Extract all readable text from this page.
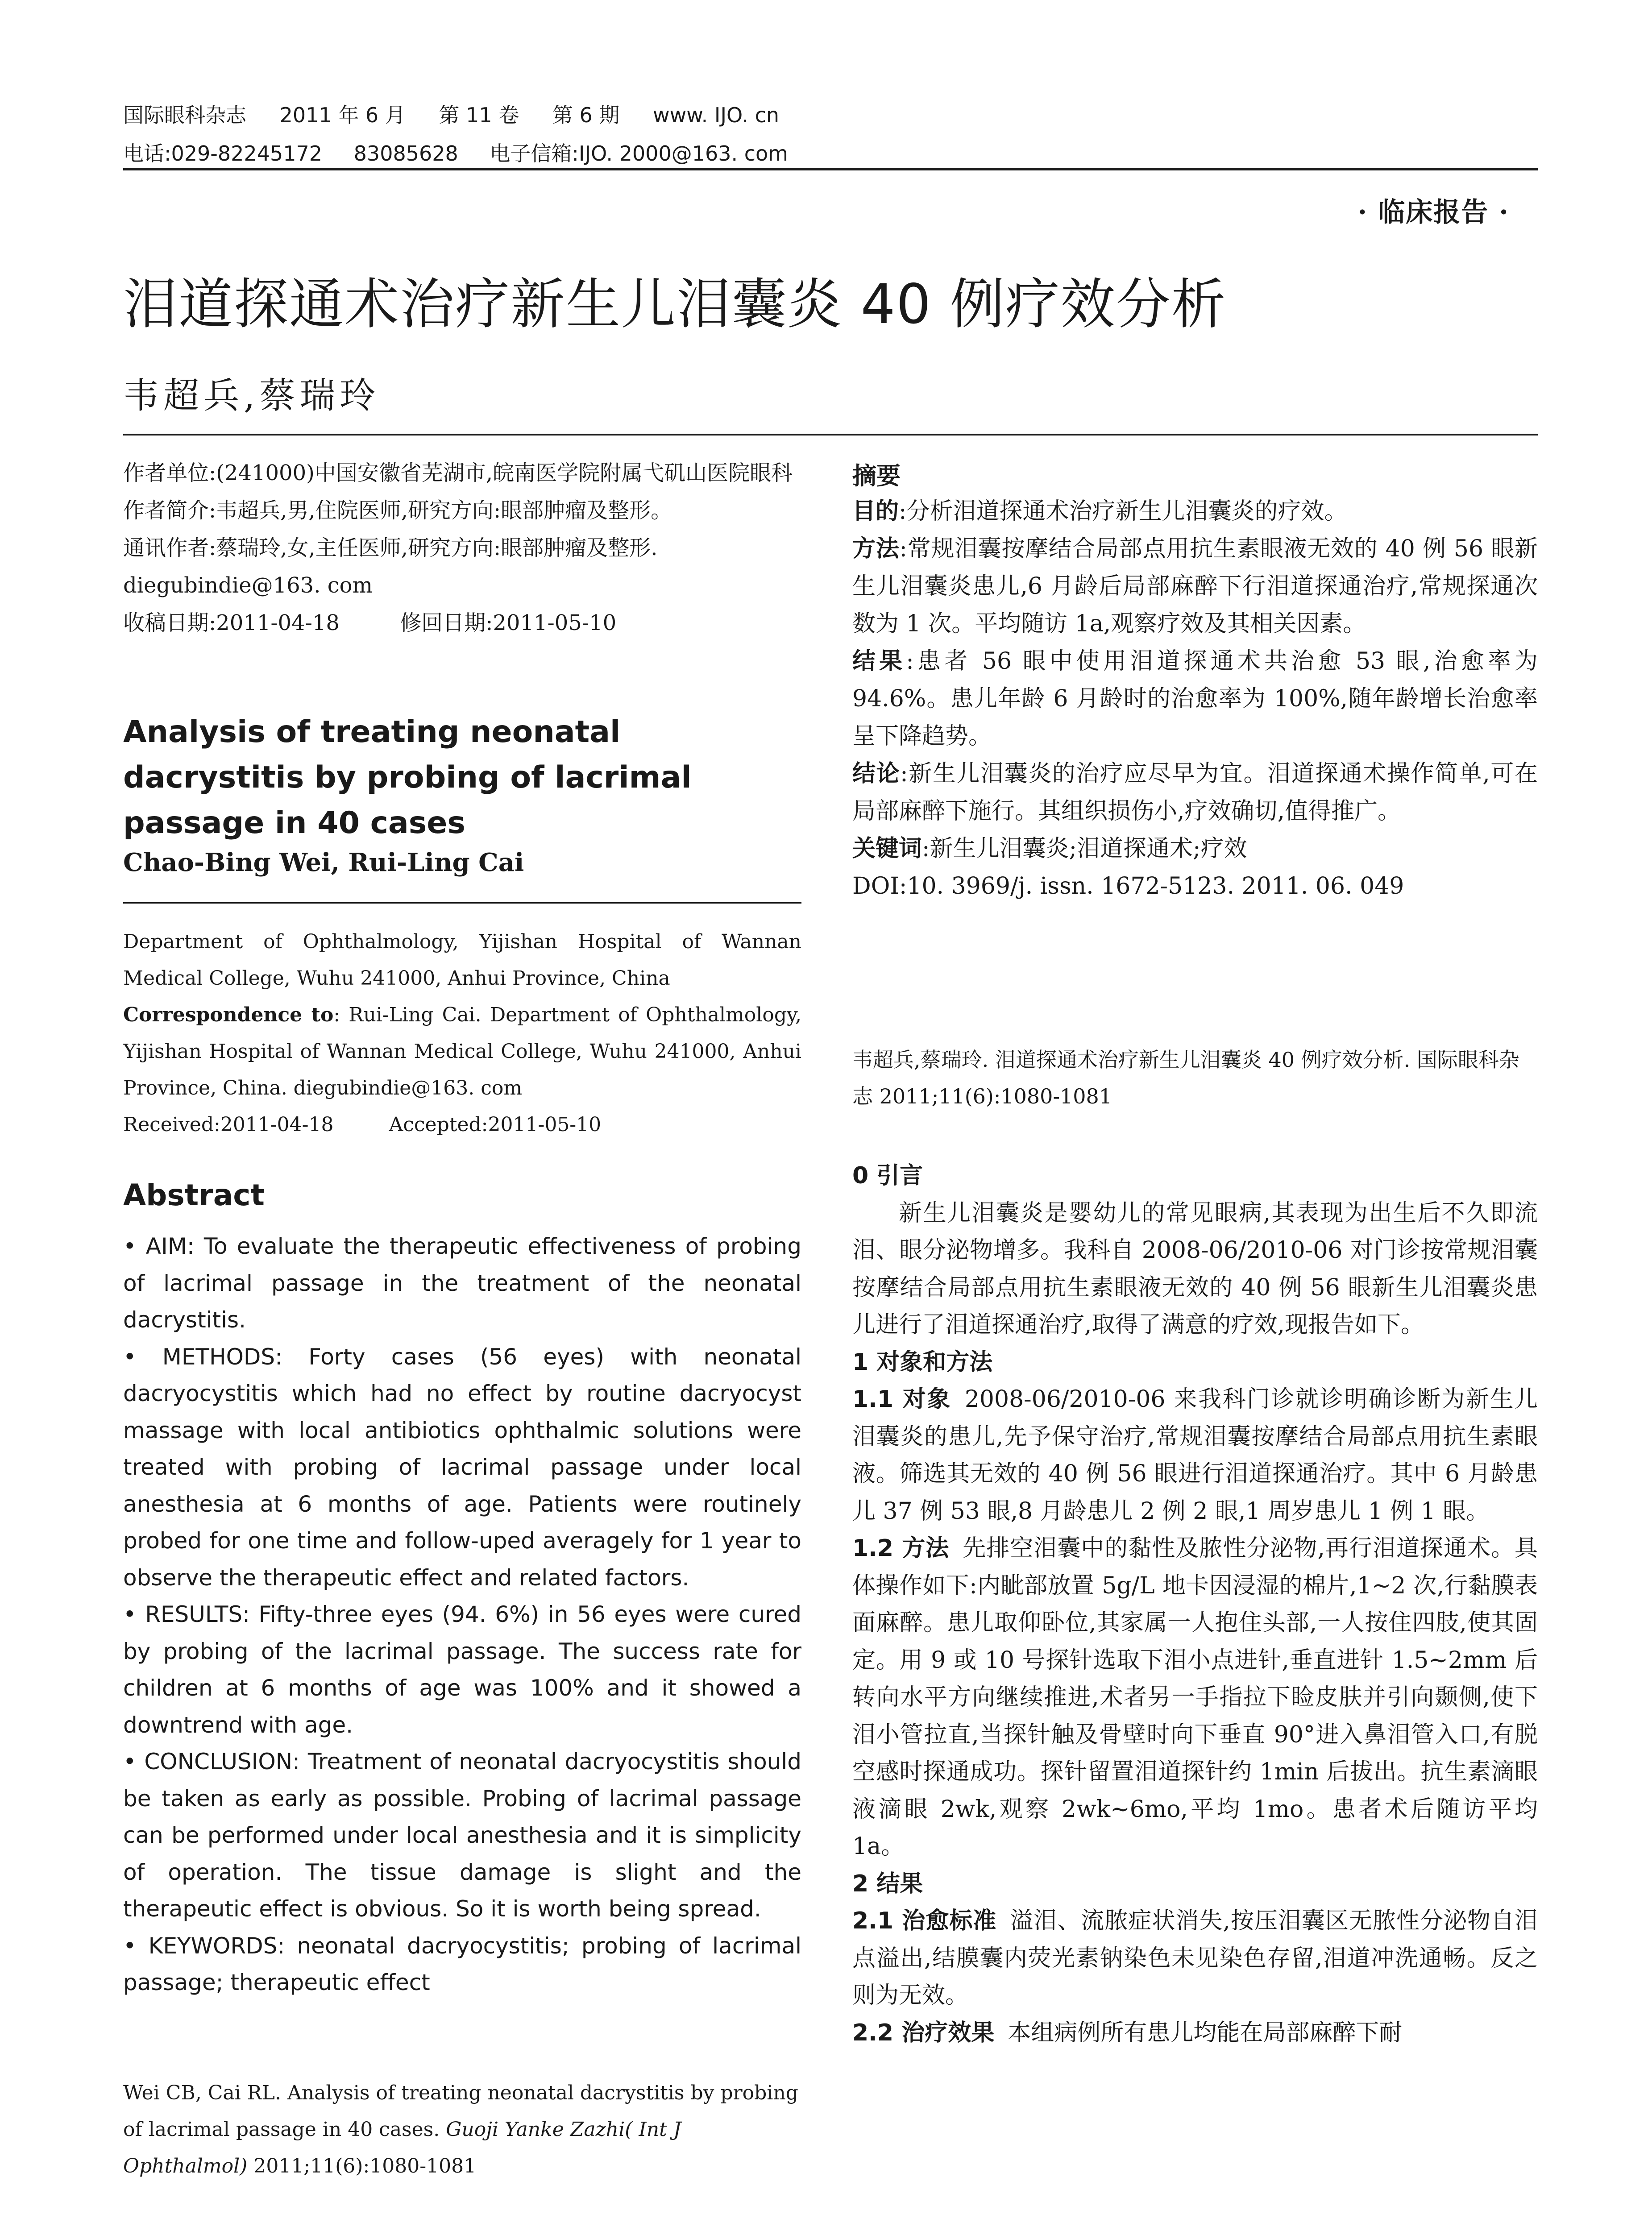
国际眼科杂志 2011 年 6 月 第 11 卷 第 6 期 www. IJO. cn
电话:029-82245172 83085628 电子信箱:IJO. 2000@163. com
· 临床报告 ·
泪道探通术治疗新生儿泪囊炎 40 例疗效分析
韦超兵,蔡瑞玲
作者单位:(241000)中国安徽省芜湖市,皖南医学院附属弋矶山医院眼科
作者简介:韦超兵,男,住院医师,研究方向:眼部肿瘤及整形。
通讯作者:蔡瑞玲,女,主任医师,研究方向:眼部肿瘤及整形.
diegubindie@163. com
收稿日期:2011-04-18	修回日期:2011-05-10
Analysis of treating neonatal dacrystitis by probing of lacrimal passage in 40 cases
Chao-Bing Wei, Rui-Ling Cai
Department of Ophthalmology, Yijishan Hospital of Wannan Medical College, Wuhu 241000, Anhui Province, China
Correspondence to: Rui-Ling Cai. Department of Ophthalmology, Yijishan Hospital of Wannan Medical College, Wuhu 241000, Anhui Province, China. diegubindie@163. com
Received:2011-04-18	Accepted:2011-05-10
Abstract

• AIM: To evaluate the therapeutic effectiveness of probing of lacrimal passage in the treatment of the neonatal dacrystitis.

• METHODS: Forty cases (56 eyes) with neonatal dacryocystitis which had no effect by routine dacryocyst massage with local antibiotics ophthalmic solutions were treated with probing of lacrimal passage under local anesthesia at 6 months of age. Patients were routinely probed for one time and follow-uped averagely for 1 year to observe the therapeutic effect and related factors.

• RESULTS: Fifty-three eyes (94. 6%) in 56 eyes were cured by probing of the lacrimal passage. The success rate for children at 6 months of age was 100% and it showed a downtrend with age.

• CONCLUSION: Treatment of neonatal dacryocystitis should be taken as early as possible. Probing of lacrimal passage can be performed under local anesthesia and it is simplicity of operation. The tissue damage is slight and the therapeutic effect is obvious. So it is worth being spread.

• KEYWORDS: neonatal dacryocystitis; probing of lacrimal passage; therapeutic effect

Wei CB, Cai RL. Analysis of treating neonatal dacrystitis by probing of lacrimal passage in 40 cases. Guoji Yanke Zazhi( Int J Ophthalmol) 2011;11(6):1080-1081
摘要

目的:分析泪道探通术治疗新生儿泪囊炎的疗效。

方法:常规泪囊按摩结合局部点用抗生素眼液无效的 40 例 56 眼新生儿泪囊炎患儿,6 月龄后局部麻醉下行泪道探通治疗,常规探通次数为 1 次。平均随访 1a,观察疗效及其相关因素。

结果:患者 56 眼中使用泪道探通术共治愈 53 眼,治愈率为 94.6%。患儿年龄 6 月龄时的治愈率为 100%,随年龄增长治愈率呈下降趋势。

结论:新生儿泪囊炎的治疗应尽早为宜。泪道探通术操作简单,可在局部麻醉下施行。其组织损伤小,疗效确切,值得推广。

关键词:新生儿泪囊炎;泪道探通术;疗效

DOI:10. 3969/j. issn. 1672-5123. 2011. 06. 049

韦超兵,蔡瑞玲. 泪道探通术治疗新生儿泪囊炎 40 例疗效分析. 国际眼科杂志 2011;11(6):1080-1081

0 引言

新生儿泪囊炎是婴幼儿的常见眼病,其表现为出生后不久即流泪、眼分泌物增多。我科自 2008-06/2010-06 对门诊按常规泪囊按摩结合局部点用抗生素眼液无效的 40 例 56 眼新生儿泪囊炎患儿进行了泪道探通治疗,取得了满意的疗效,现报告如下。

1 对象和方法

1.1 对象 2008-06/2010-06 来我科门诊就诊明确诊断为新生儿泪囊炎的患儿,先予保守治疗,常规泪囊按摩结合局部点用抗生素眼液。筛选其无效的 40 例 56 眼进行泪道探通治疗。其中 6 月龄患儿 37 例 53 眼,8 月龄患儿 2 例 2 眼,1 周岁患儿 1 例 1 眼。

1.2 方法 先排空泪囊中的黏性及脓性分泌物,再行泪道探通术。具体操作如下:内眦部放置 5g/L 地卡因浸湿的棉片,1~2 次,行黏膜表面麻醉。患儿取仰卧位,其家属一人抱住头部,一人按住四肢,使其固定。用 9 或 10 号探针选取下泪小点进针,垂直进针 1.5~2mm 后转向水平方向继续推进,术者另一手指拉下睑皮肤并引向颞侧,使下泪小管拉直,当探针触及骨壁时向下垂直 90°进入鼻泪管入口,有脱空感时探通成功。探针留置泪道探针约 1min 后拔出。抗生素滴眼液滴眼 2wk,观察 2wk~6mo,平均 1mo。患者术后随访平均 1a。

2 结果

2.1 治愈标准 溢泪、流脓症状消失,按压泪囊区无脓性分泌物自泪点溢出,结膜囊内荧光素钠染色未见染色存留,泪道冲洗通畅。反之则为无效。

2.2 治疗效果 本组病例所有患儿均能在局部麻醉下耐
